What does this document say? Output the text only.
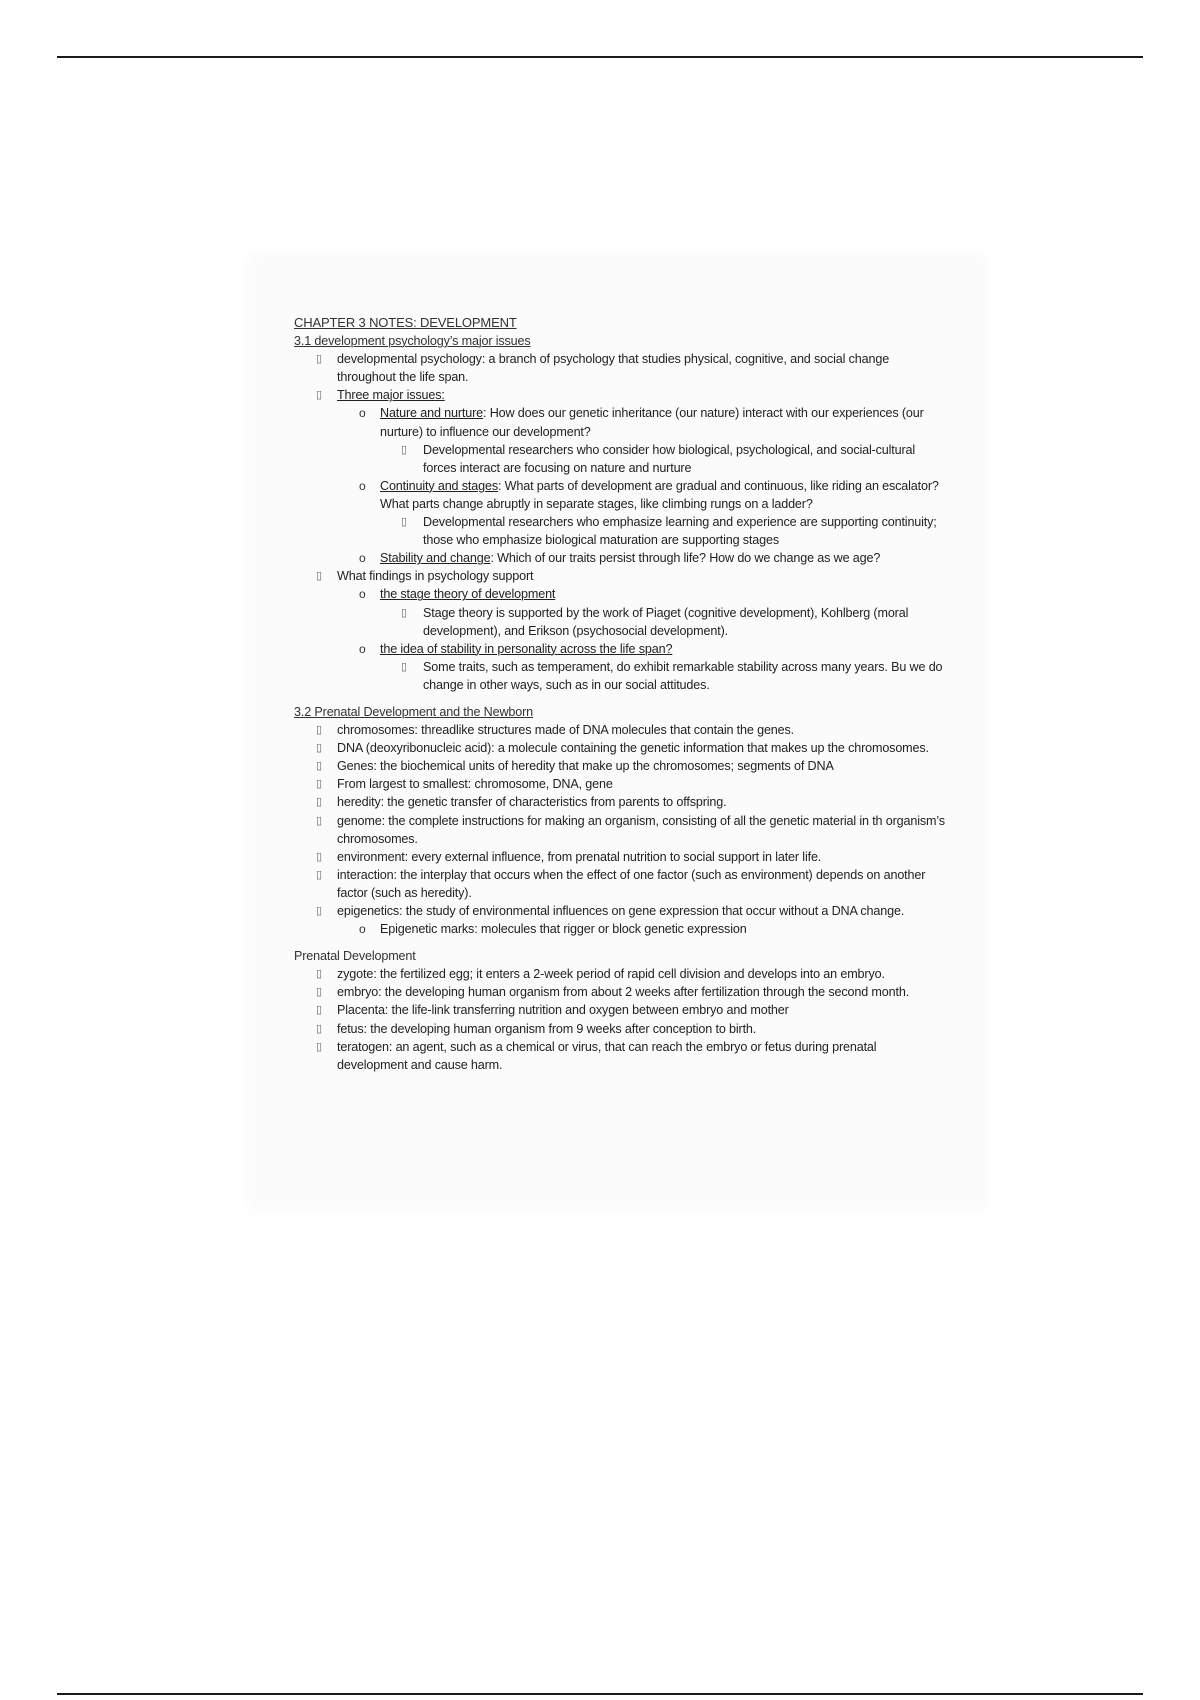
CHAPTER 3 NOTES: DEVELOPMENT
3.1 development psychology’s major issues
▯ developmental psychology: a branch of psychology that studies physical, cognitive, and social change throughout the life span.
▯ Three major issues:
o Nature and nurture: How does our genetic inheritance (our nature) interact with our experiences (our nurture) to influence our development?
▯ Developmental researchers who consider how biological, psychological, and social-cultural forces interact are focusing on nature and nurture
o Continuity and stages: What parts of development are gradual and continuous, like riding an escalator? What parts change abruptly in separate stages, like climbing rungs on a ladder?
▯ Developmental researchers who emphasize learning and experience are supporting continuity; those who emphasize biological maturation are supporting stages
o Stability and change: Which of our traits persist through life? How do we change as we age?
▯ What findings in psychology support
o the stage theory of development
▯ Stage theory is supported by the work of Piaget (cognitive development), Kohlberg (moral development), and Erikson (psychosocial development).
o the idea of stability in personality across the life span?
▯ Some traits, such as temperament, do exhibit remarkable stability across many years. Bu we do change in other ways, such as in our social attitudes.
3.2 Prenatal Development and the Newborn
▯ chromosomes: threadlike structures made of DNA molecules that contain the genes.
▯ DNA (deoxyribonucleic acid): a molecule containing the genetic information that makes up the chromosomes.
▯ Genes: the biochemical units of heredity that make up the chromosomes; segments of DNA
▯ From largest to smallest: chromosome, DNA, gene
▯ heredity: the genetic transfer of characteristics from parents to offspring.
▯ genome: the complete instructions for making an organism, consisting of all the genetic material in th organism’s chromosomes.
▯ environment: every external influence, from prenatal nutrition to social support in later life.
▯ interaction: the interplay that occurs when the effect of one factor (such as environment) depends on another factor (such as heredity).
▯ epigenetics: the study of environmental influences on gene expression that occur without a DNA change.
o Epigenetic marks: molecules that rigger or block genetic expression
Prenatal Development
▯ zygote: the fertilized egg; it enters a 2-week period of rapid cell division and develops into an embryo.
▯ embryo: the developing human organism from about 2 weeks after fertilization through the second month.
▯ Placenta: the life-link transferring nutrition and oxygen between embryo and mother
▯ fetus: the developing human organism from 9 weeks after conception to birth.
▯ teratogen: an agent, such as a chemical or virus, that can reach the embryo or fetus during prenatal development and cause harm.
